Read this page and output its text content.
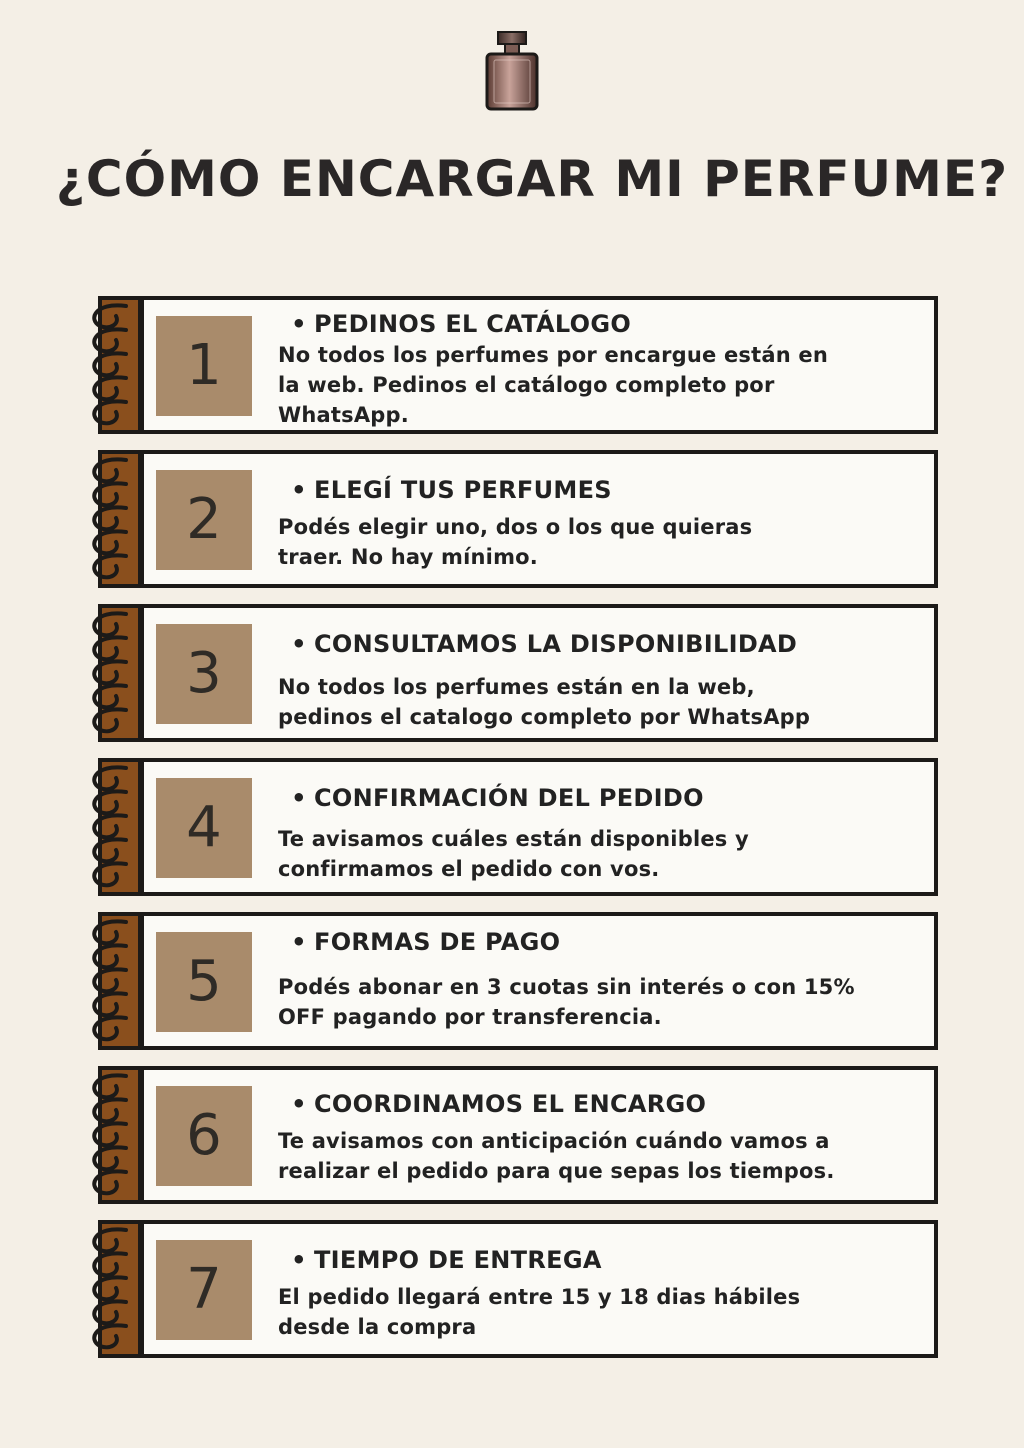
¿CÓMO ENCARGAR MI PERFUME?
1
• PEDINOS EL CATÁLOGO
No todos los perfumes por encargue están en
la web. Pedinos el catálogo completo por
WhatsApp.
2	• ELEGÍ TUS PERFUMES
Podés elegir uno, dos o los que quieras
traer. No hay mínimo.
3	• CONSULTAMOS LA DISPONIBILIDAD
No todos los perfumes están en la web,
pedinos el catalogo completo por WhatsApp
4	• CONFIRMACIÓN DEL PEDIDO
Te avisamos cuáles están disponibles y
confirmamos el pedido con vos.
5
• FORMAS DE PAGO
Podés abonar en 3 cuotas sin interés o con 15%
OFF pagando por transferencia.
6	• COORDINAMOS EL ENCARGO
Te avisamos con anticipación cuándo vamos a
realizar el pedido para que sepas los tiempos.
7	• TIEMPO DE ENTREGA
El pedido llegará entre 15 y 18 dias hábiles
desde la compra
